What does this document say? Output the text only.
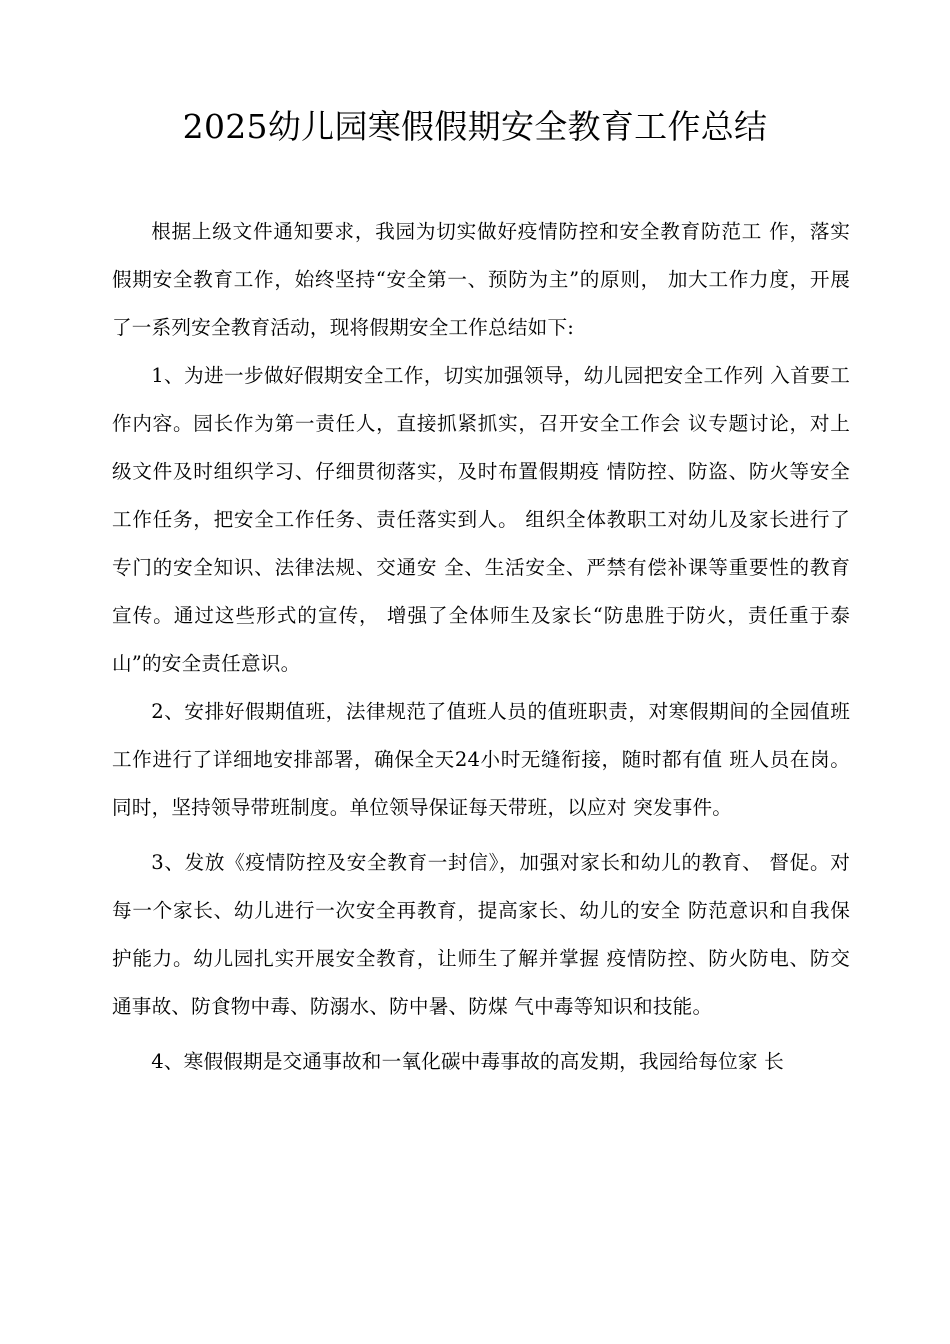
2025幼儿园寒假假期安全教育工作总结

根据上级文件通知要求，我园为切实做好疫情防控和安全教育防范工 作，落实假期安全教育工作，始终坚持“安全第一、预防为主”的原则， 加大工作力度，开展了一系列安全教育活动，现将假期安全工作总结如下:

1、为进一步做好假期安全工作，切实加强领导，幼儿园把安全工作列 入首要工作内容。园长作为第一责任人，直接抓紧抓实，召开安全工作会 议专题讨论，对上级文件及时组织学习、仔细贯彻落实，及时布置假期疫 情防控、防盗、防火等安全工作任务，把安全工作任务、责任落实到人。 组织全体教职工对幼儿及家长进行了专门的安全知识、法律法规、交通安 全、生活安全、严禁有偿补课等重要性的教育宣传。通过这些形式的宣传， 增强了全体师生及家长“防患胜于防火，责任重于泰山”的安全责任意识。

2、安排好假期值班，法律规范了值班人员的值班职责，对寒假期间的全园值班工作进行了详细地安排部署，确保全天24小时无缝衔接，随时都有值 班人员在岗。同时，坚持领导带班制度。单位领导保证每天带班，以应对 突发事件。

3、发放《疫情防控及安全教育一封信》，加强对家长和幼儿的教育、 督促。对每一个家长、幼儿进行一次安全再教育，提高家长、幼儿的安全 防范意识和自我保护能力。幼儿园扎实开展安全教育，让师生了解并掌握 疫情防控、防火防电、防交通事故、防食物中毒、防溺水、防中暑、防煤 气中毒等知识和技能。

4、寒假假期是交通事故和一氧化碳中毒事故的高发期，我园给每位家 长
